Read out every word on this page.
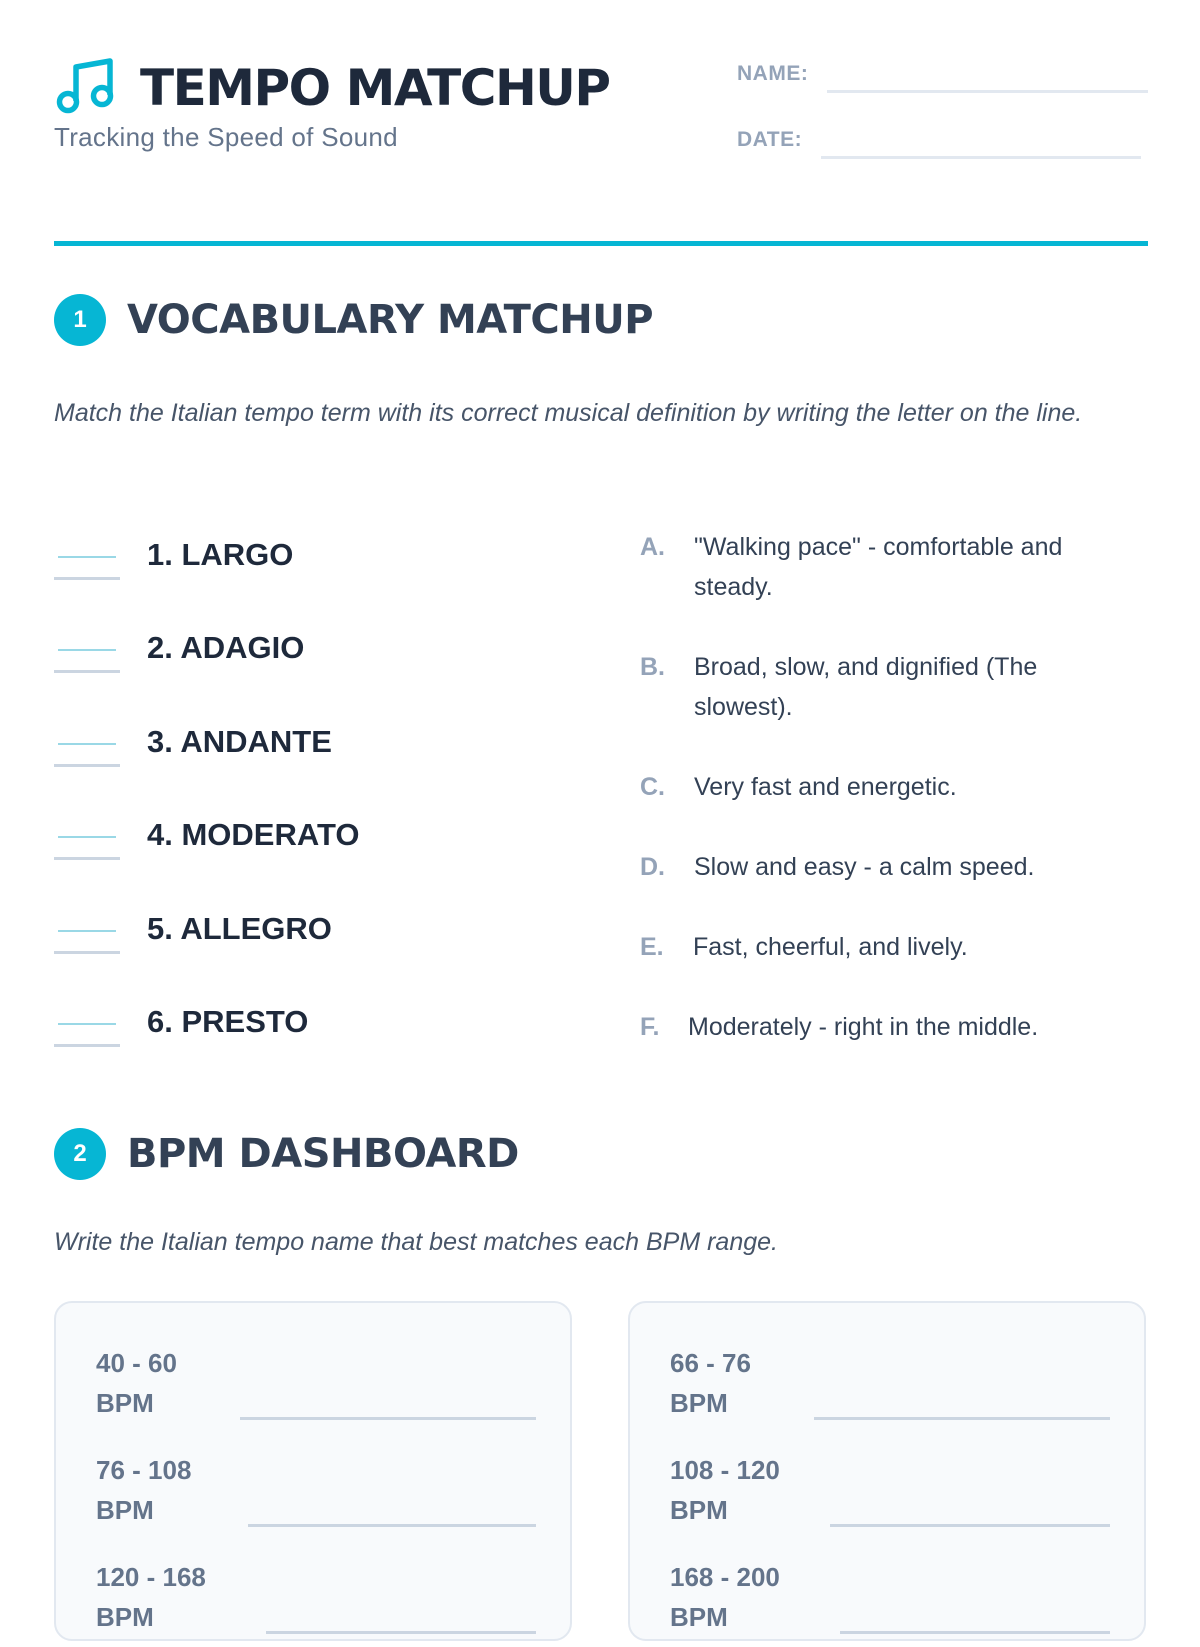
TEMPO MATCHUP
Tracking the Speed of Sound
NAME:
DATE:
1	VOCABULARY MATCHUP

Match the Italian tempo term with its correct musical definition by writing the letter on the line.

1. LARGO
2. ADAGIO
3. ANDANTE
4. MODERATO
5. ALLEGRO
6. PRESTO
A. "Walking pace" - comfortable and steady.
B. Broad, slow, and dignified (The slowest).
C. Very fast and energetic.
D. Slow and easy - a calm speed.
E. Fast, cheerful, and lively.
F. Moderately - right in the middle.
2	BPM DASHBOARD

Write the Italian tempo name that best matches each BPM range.

40 - 60 BPM
76 - 108 BPM
120 - 168 BPM
66 - 76 BPM
108 - 120 BPM
168 - 200 BPM
